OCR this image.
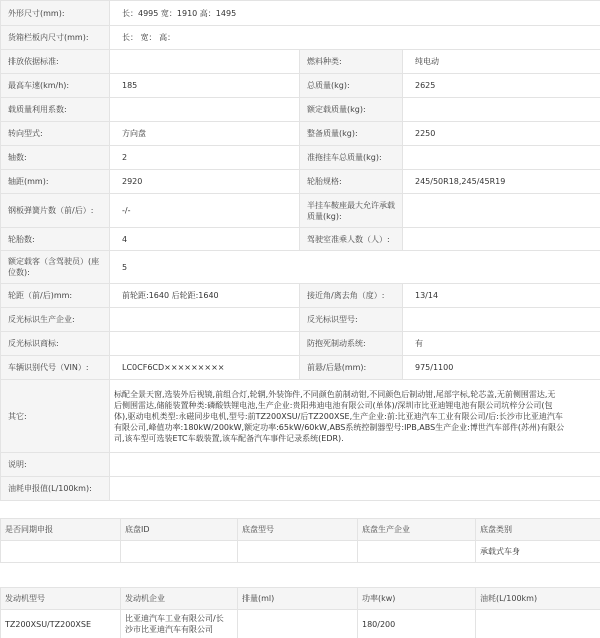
外形尺寸(mm):	长：4995 宽：1910 高：1495		
货箱栏板内尺寸(mm):	长： 宽： 高：		
排放依据标准:		燃料种类:	纯电动
最高车速(km/h):	185	总质量(kg):	2625
载质量利用系数:		额定载质量(kg):	
转向型式:	方向盘	整备质量(kg):	2250
轴数:	2	准拖挂车总质量(kg):	
轴距(mm):	2920	轮胎规格:	245/50R18,245/45R19
钢板弹簧片数（前/后）:	-/-	半挂车鞍座最大允许承载质量(kg):	
轮胎数:	4	驾驶室准乘人数（人）:	
额定载客（含驾驶员）(座位数):	5		
轮距（前/后)mm:	前轮距:1640 后轮距:1640	接近角/离去角（度）:	13/14
反光标识生产企业:		反光标识型号:	
反光标识商标:		防抱死制动系统:	有
车辆识别代号（VIN）:	LC0CF6CD×××××××××	前悬/后悬(mm):	975/1100
其它:	标配全景天窗,选装外后视镜,前组合灯,轮辋,外装饰件,不同颜色前制动钳,不同颜色后制动钳,尾部字标,轮芯盖,无前侧围雷达,无
后侧围雷达,储能装置种类:磷酸铁锂电池,生产企业:贵阳弗迪电池有限公司(单体)/深圳市比亚迪锂电池有限公司坑梓分公司(包
体),驱动电机类型:永磁同步电机,型号:前TZ200XSU/后TZ200XSE,生产企业:前:比亚迪汽车工业有限公司/后:长沙市比亚迪汽车
有限公司,峰值功率:180kW/200kW,额定功率:65kW/60kW,ABS系统控制器型号:IPB,ABS生产企业:博世汽车部件(苏州)有限公
司,该车型可选装ETC车载装置,该车配备汽车事件记录系统(EDR).		

说明:			
油耗申报值(L/100km):			
是否同期申报	底盘ID	底盘型号	底盘生产企业	底盘类别
				承载式车身
发动机型号	发动机企业	排量(ml)	功率(kw)	油耗(L/100km)
TZ200XSU/TZ200XSE	比亚迪汽车工业有限公司/长
沙市比亚迪汽车有限公司		180/200	
